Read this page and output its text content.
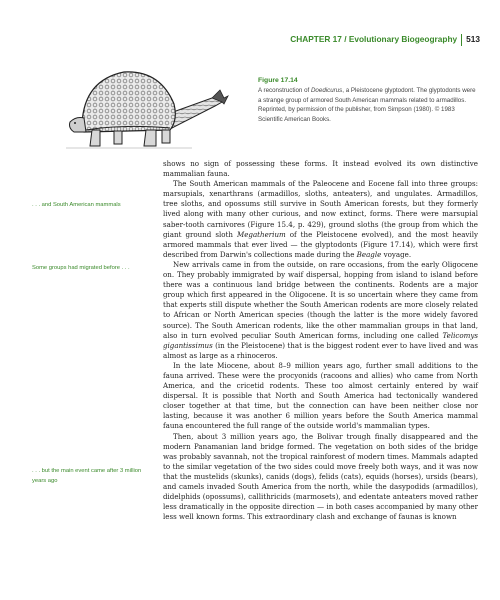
CHAPTER 17 / Evolutionary Biogeography 513
Figure 17.14
A reconstruction of Doedicurus, a Pleistocene glyptodont. The glyptodonts were a strange group of armored South American mammals related to armadillos. Reprinted, by permission of the publisher, from Simpson (1980). © 1983 Scientific American Books.
. . . and South American mammals
Some groups had migrated before . . .
. . . but the main event came after 3 million years ago

shows no sign of possessing these forms. It instead evolved its own distinctive mammalian fauna.

The South American mammals of the Paleocene and Eocene fall into three groups: marsupials, xenarthrans (armadillos, sloths, anteaters), and ungulates. Armadillos, tree sloths, and opossums still survive in South American forests, but they formerly lived along with many other curious, and now extinct, forms. There were marsupial saber-tooth carnivores (Figure 15.4, p. 429), ground sloths (the group from which the giant ground sloth Megatherium of the Pleistocene evolved), and the most heavily armored mammals that ever lived — the glyptodonts (Figure 17.14), which were first described from Darwin's collections made during the Beagle voyage.

New arrivals came in from the outside, on rare occasions, from the early Oligocene on. They probably immigrated by waif dispersal, hopping from island to island before there was a continuous land bridge between the continents. Rodents are a major group which first appeared in the Oligocene. It is so uncertain where they came from that experts still dispute whether the South American rodents are more closely related to African or North American species (though the latter is the more widely favored source). The South American rodents, like the other mammalian groups in that land, also in turn evolved peculiar South American forms, including one called Telicomys gigantissimus (in the Pleistocene) that is the biggest rodent ever to have lived and was almost as large as a rhinoceros.

In the late Miocene, about 8–9 million years ago, further small additions to the fauna arrived. These were the procyonids (racoons and allies) who came from North America, and the cricetid rodents. These too almost certainly entered by waif dispersal. It is possible that North and South America had tectonically wandered closer together at that time, but the connection can have been neither close nor lasting, because it was another 6 million years before the South America mammal fauna encountered the full range of the outside world's mammalian types.

Then, about 3 million years ago, the Bolivar trough finally disappeared and the modern Panamanian land bridge formed. The vegetation on both sides of the bridge was probably savannah, not the tropical rainforest of modern times. Mammals adapted to the similar vegetation of the two sides could move freely both ways, and it was now that the mustelids (skunks), canids (dogs), felids (cats), equids (horses), ursids (bears), and camels invaded South America from the north, while the dasypodids (armadillos), didelphids (opossums), callithricids (marmosets), and edentate anteaters moved rather less dramatically in the opposite direction — in both cases accompanied by many other less well known forms. This extraordinary clash and exchange of faunas is known
